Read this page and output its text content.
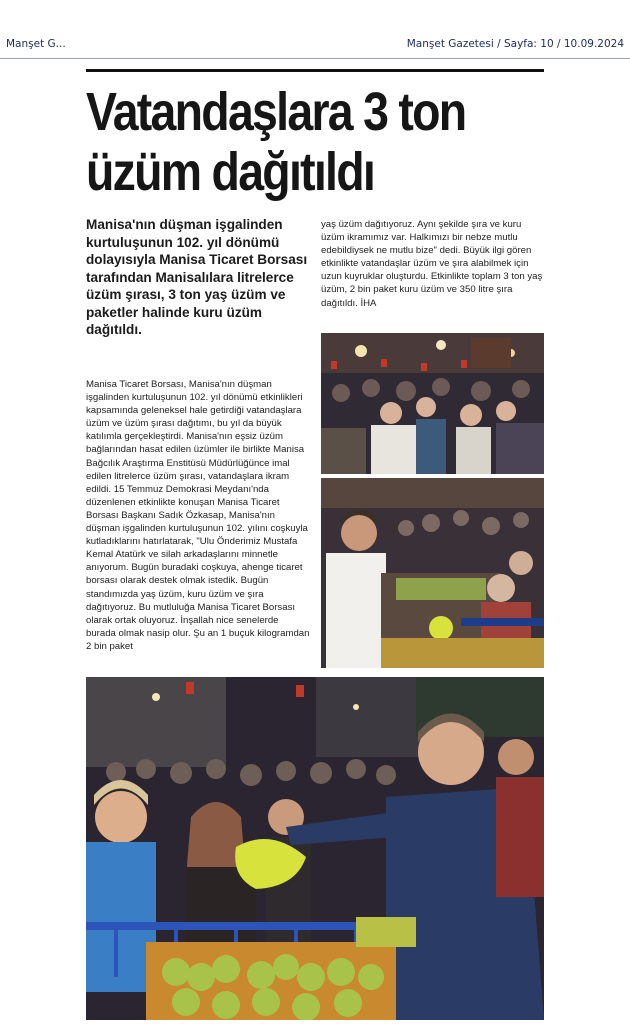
Manşet G...	Manşet Gazetesi / Sayfa: 10 / 10.09.2024
Vatandaşlara 3 ton üzüm dağıtıldı

Manisa'nın düşman işgalinden kurtuluşunun 102. yıl dönümü dolayısıyla Manisa Ticaret Borsası tarafından Manisalılara litrelerce üzüm şırası, 3 ton yaş üzüm ve paketler halinde kuru üzüm dağıtıldı.

Manisa Ticaret Borsası, Manisa'nın düşman işgalinden kurtuluşunun 102. yıl dönümü etkinlikleri kapsamında geleneksel hale getirdiği vatandaşlara üzüm ve üzüm şırası dağıtımı, bu yıl da büyük katılımla gerçekleştirdi. Manisa'nın eşsiz üzüm bağlarından hasat edilen üzümler ile birlikte Manisa Bağcılık Araştırma Enstitüsü Müdürlüğünce imal edilen litrelerce üzüm şırası, vatandaşlara ikram edildi. 15 Temmuz Demokrasi Meydanı'nda düzenlenen etkinlikte konuşan Manisa Ticaret Borsası Başkanı Sadık Özkasap, Manisa'nın düşman işgalinden kurtuluşunun 102. yılını coşkuyla kutladıklarını hatırlatarak, "Ulu Önderimiz Mustafa Kemal Atatürk ve silah arkadaşlarını minnetle anıyorum. Bugün buradaki coşkuya, ahenge ticaret borsası olarak destek olmak istedik. Bugün standımızda yaş üzüm, kuru üzüm ve şıra dağıtıyoruz. Bu mutluluğa Manisa Ticaret Borsası olarak ortak oluyoruz. İnşallah nice senelerde burada olmak nasip olur. Şu an 1 buçuk kilogramdan 2 bin paket

yaş üzüm dağıtıyoruz. Aynı şekilde şıra ve kuru üzüm ikramımız var. Halkımızı bir nebze mutlu edebildiysek ne mutlu bize" dedi. Büyük ilgi gören etkinlikte vatandaşlar üzüm ve şıra alabilmek için uzun kuyruklar oluşturdu. Etkinlikte toplam 3 ton yaş üzüm, 2 bin paket kuru üzüm ve 350 litre şıra dağıtıldı. İHA
